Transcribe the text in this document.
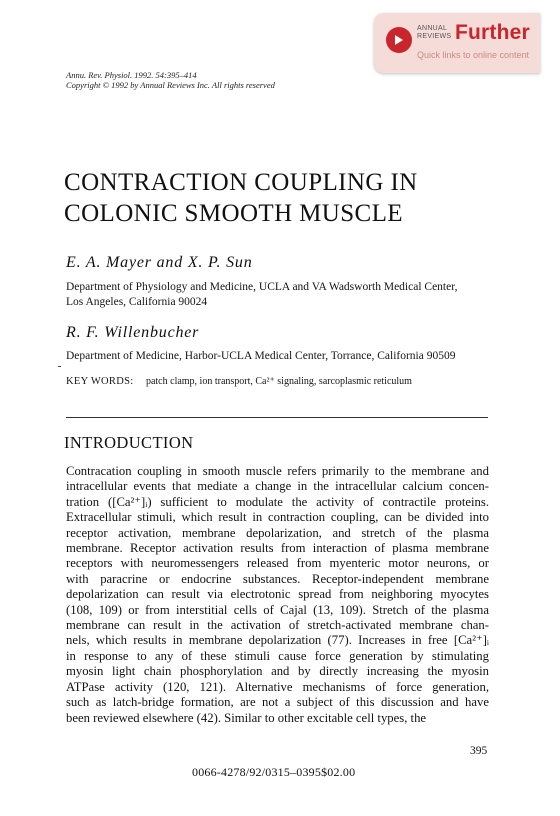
ANNUAL
REVIEWS Further
Quick links to online content
Annu. Rev. Physiol. 1992. 54:395–414
Copyright © 1992 by Annual Reviews Inc. All rights reserved
CONTRACTION COUPLING IN
COLONIC SMOOTH MUSCLE
E. A. Mayer and X. P. Sun
Department of Physiology and Medicine, UCLA and VA Wadsworth Medical Center,
Los Angeles, California 90024
R. F. Willenbucher
Department of Medicine, Harbor-UCLA Medical Center, Torrance, California 90509
KEY WORDS: patch clamp, ion transport, Ca²⁺ signaling, sarcoplasmic reticulum
INTRODUCTION
Contracation coupling in smooth muscle refers primarily to the membrane and
intracellular events that mediate a change in the intracellular calcium concen-
tration ([Ca²⁺]ᵢ) sufficient to modulate the activity of contractile proteins.
Extracellular stimuli, which result in contraction coupling, can be divided into
receptor activation, membrane depolarization, and stretch of the plasma
membrane. Receptor activation results from interaction of plasma membrane
receptors with neuromessengers released from myenteric motor neurons, or
with paracrine or endocrine substances. Receptor-independent membrane
depolarization can result via electrotonic spread from neighboring myocytes
(108, 109) or from interstitial cells of Cajal (13, 109). Stretch of the plasma
membrane can result in the activation of stretch-activated membrane chan-
nels, which results in membrane depolarization (77). Increases in free [Ca²⁺]ᵢ
in response to any of these stimuli cause force generation by stimulating
myosin light chain phosphorylation and by directly increasing the myosin
ATPase activity (120, 121). Alternative mechanisms of force generation,
such as latch-bridge formation, are not a subject of this discussion and have
been reviewed elsewhere (42). Similar to other excitable cell types, the
395
0066-4278/92/0315–0395$02.00
